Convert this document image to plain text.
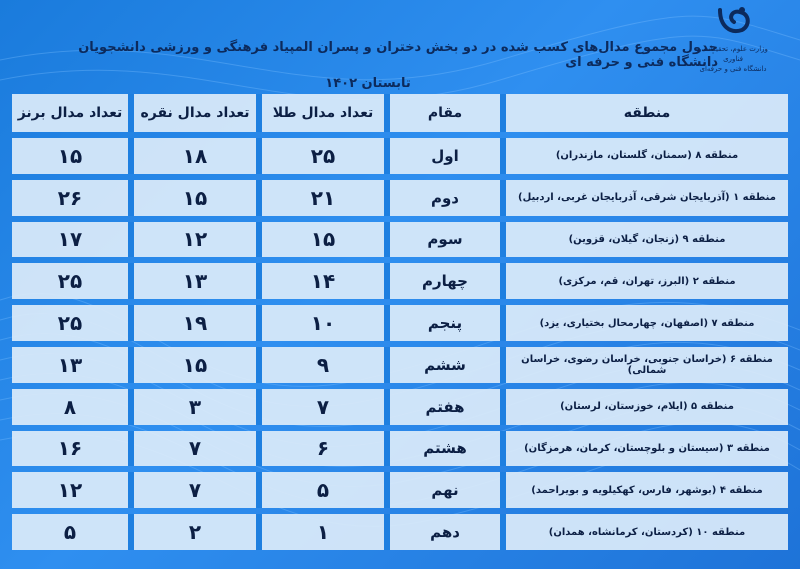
وزارت علوم، تحقیقات و فناوری
دانشگاه فنی و حرفه‌ای
جدول مجموع مدال‌های کسب شده در دو بخش دختران و پسران المپیاد فرهنگی و ورزشی دانشجویان دانشگاه فنی و حرفه ای
تابستان ۱۴۰۲
منطقه	مقام	تعداد مدال طلا	تعداد مدال نقره	تعداد مدال برنز
منطقه ۸ (سمنان، گلستان، مازندران)	اول	۲۵	۱۸	۱۵
منطقه ۱ (آذربایجان شرقی، آذربایجان غربی، اردبیل)	دوم	۲۱	۱۵	۲۶
منطقه ۹ (زنجان، گیلان، قزوین)	سوم	۱۵	۱۲	۱۷
منطقه ۲ (البرز، تهران، قم، مرکزی)	چهارم	۱۴	۱۳	۲۵
منطقه ۷ (اصفهان، چهارمحال بختیاری، یزد)	پنجم	۱۰	۱۹	۲۵
منطقه ۶ (خراسان جنوبی، خراسان رضوی، خراسان شمالی)	ششم	۹	۱۵	۱۳
منطقه ۵ (ایلام، خوزستان، لرستان)	هفتم	۷	۳	۸
منطقه ۳ (سیستان و بلوچستان، کرمان، هرمزگان)	هشتم	۶	۷	۱۶
منطقه ۴ (بوشهر، فارس، کهکیلویه و بویراحمد)	نهم	۵	۷	۱۲
منطقه ۱۰ (کردستان، کرمانشاه، همدان)	دهم	۱	۲	۵
